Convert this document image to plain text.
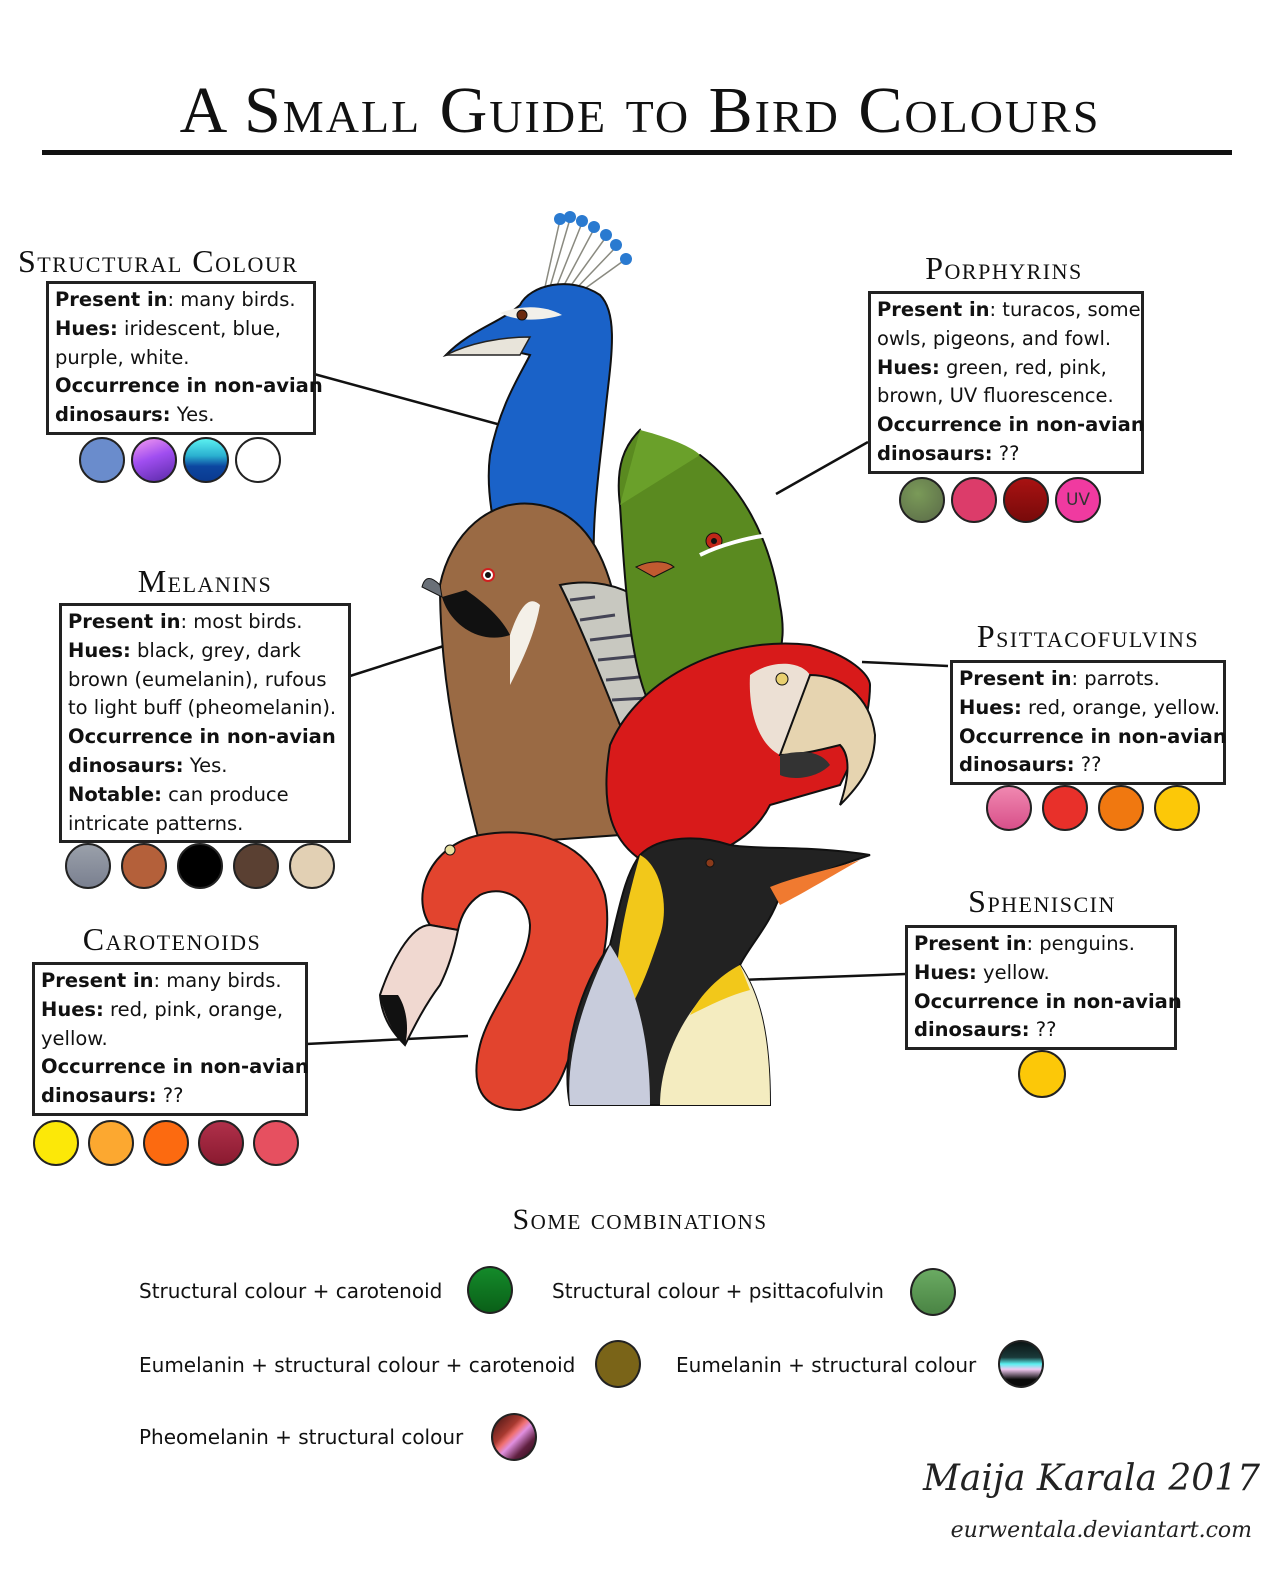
A Small Guide to Bird Colours
Structural Colour
Present in: many birds.
Hues: iridescent, blue,
purple, white.
Occurrence in non-avian
dinosaurs: Yes.
Porphyrins
Present in: turacos, some
owls, pigeons, and fowl.
Hues: green, red, pink,
brown, UV fluorescence.
Occurrence in non-avian
dinosaurs: ??
UV
Melanins
Present in: most birds.
Hues: black, grey, dark
brown (eumelanin), rufous
to light buff (pheomelanin).
Occurrence in non-avian
dinosaurs: Yes.
Notable: can produce
intricate patterns.
Psittacofulvins
Present in: parrots.
Hues: red, orange, yellow.
Occurrence in non-avian
dinosaurs: ??
Carotenoids
Present in: many birds.
Hues: red, pink, orange,
yellow.
Occurrence in non-avian
dinosaurs: ??
Spheniscin
Present in: penguins.
Hues: yellow.
Occurrence in non-avian
dinosaurs: ??
Some combinations
Structural colour + carotenoid	Structural colour + psittacofulvin
Eumelanin + structural colour + carotenoid	Eumelanin + structural colour
Pheomelanin + structural colour
Maija Karala 2017
eurwentala.deviantart.com
